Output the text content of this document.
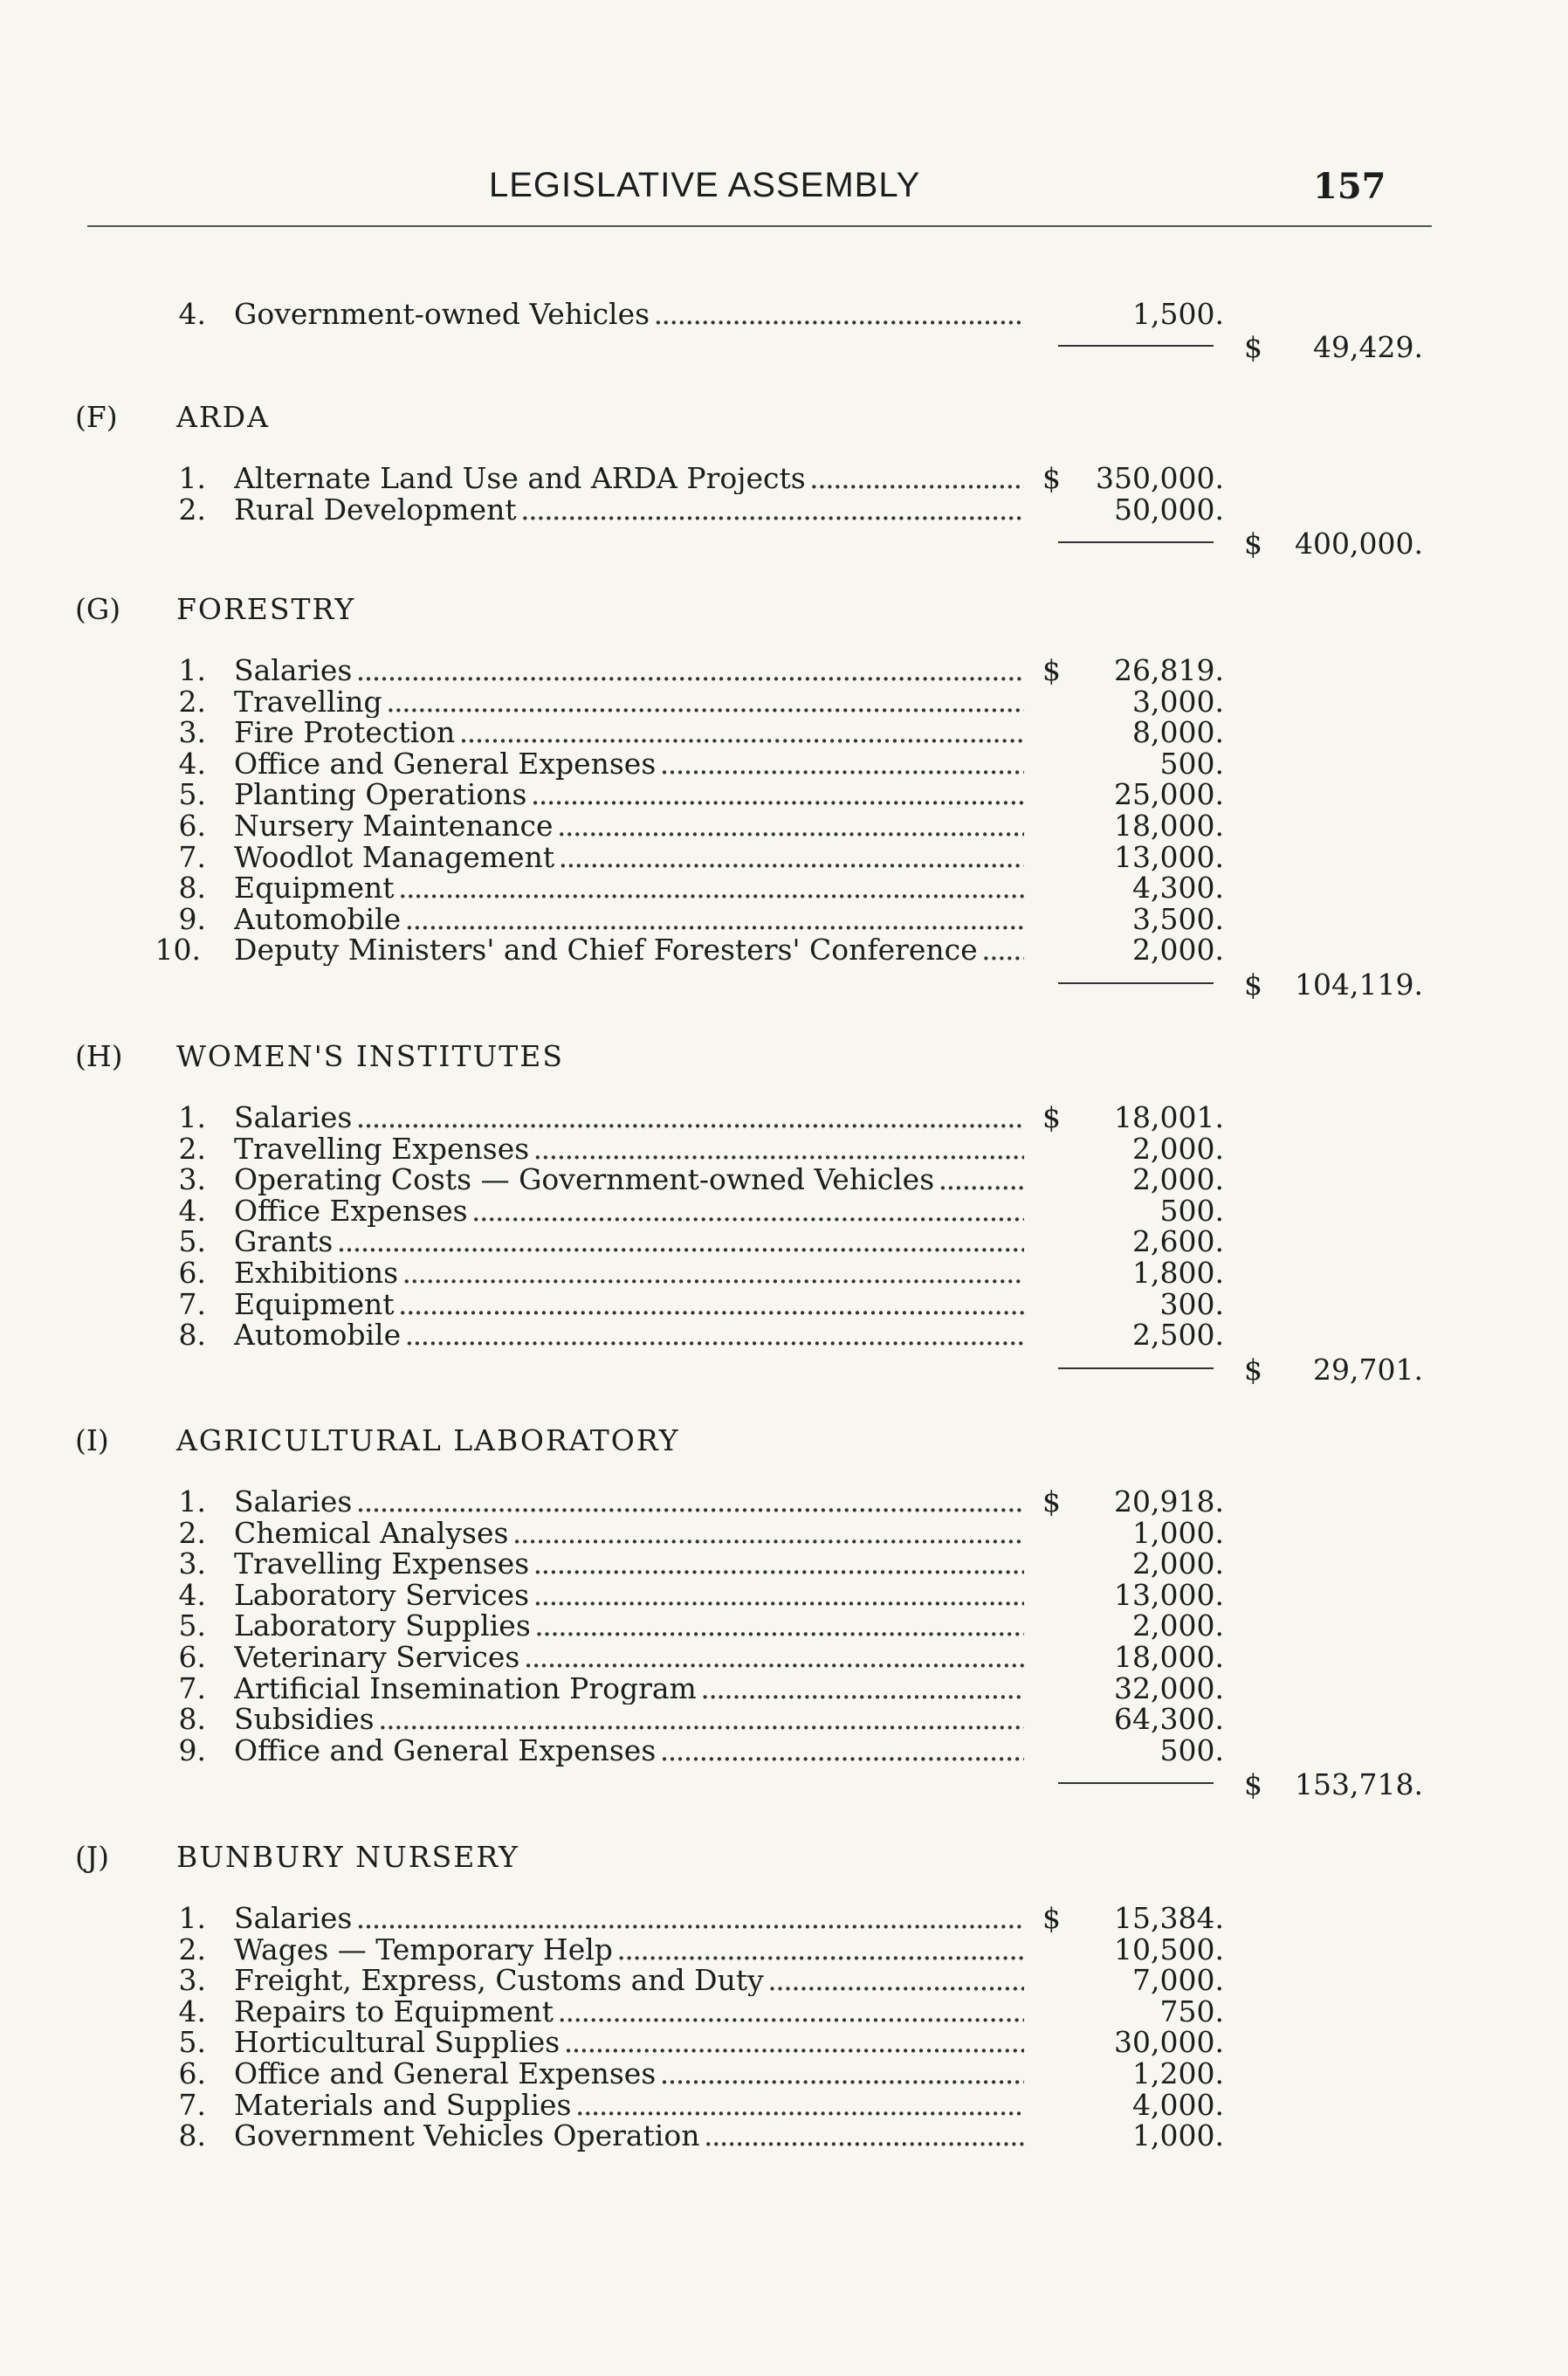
LEGISLATIVE ASSEMBLY	157
4. Government-owned Vehicles . . .	1,500.
$	49,429.
(F)	ARDA
1. Alternate Land Use and ARDA Projects . . .	$	350,000.
2. Rural Development . . .	50,000.
$	400,000.
(G)	FORESTRY
1. Salaries . . .	$	26,819.
2. Travelling . . .	3,000.
3. Fire Protection . . .	8,000.
4. Office and General Expenses . . .	500.
5. Planting Operations . . .	25,000.
6. Nursery Maintenance . . .	18,000.
7. Woodlot Management . . .	13,000.
8. Equipment . . .	4,300.
9. Automobile . . .	3,500.
10. Deputy Ministers' and Chief Foresters' Conference . . .	2,000.
$	104,119.
(H)	WOMEN'S INSTITUTES
1. Salaries . . .	$	18,001.
2. Travelling Expenses . . .	2,000.
3. Operating Costs — Government-owned Vehicles . . .	2,000.
4. Office Expenses . . .	500.
5. Grants . . .	2,600.
6. Exhibitions . . .	1,800.
7. Equipment . . .	300.
8. Automobile . . .	2,500.
$	29,701.
(I)	AGRICULTURAL LABORATORY
1. Salaries . . .	$	20,918.
2. Chemical Analyses . . .	1,000.
3. Travelling Expenses . . .	2,000.
4. Laboratory Services . . .	13,000.
5. Laboratory Supplies . . .	2,000.
6. Veterinary Services . . .	18,000.
7. Artificial Insemination Program . . .	32,000.
8. Subsidies . . .	64,300.
9. Office and General Expenses . . .	500.
$	153,718.
(J)	BUNBURY NURSERY
1. Salaries . . .	$	15,384.
2. Wages — Temporary Help . . .	10,500.
3. Freight, Express, Customs and Duty . . .	7,000.
4. Repairs to Equipment . . .	750.
5. Horticultural Supplies . . .	30,000.
6. Office and General Expenses . . .	1,200.
7. Materials and Supplies . . .	4,000.
8. Government Vehicles Operation . . .	1,000.
